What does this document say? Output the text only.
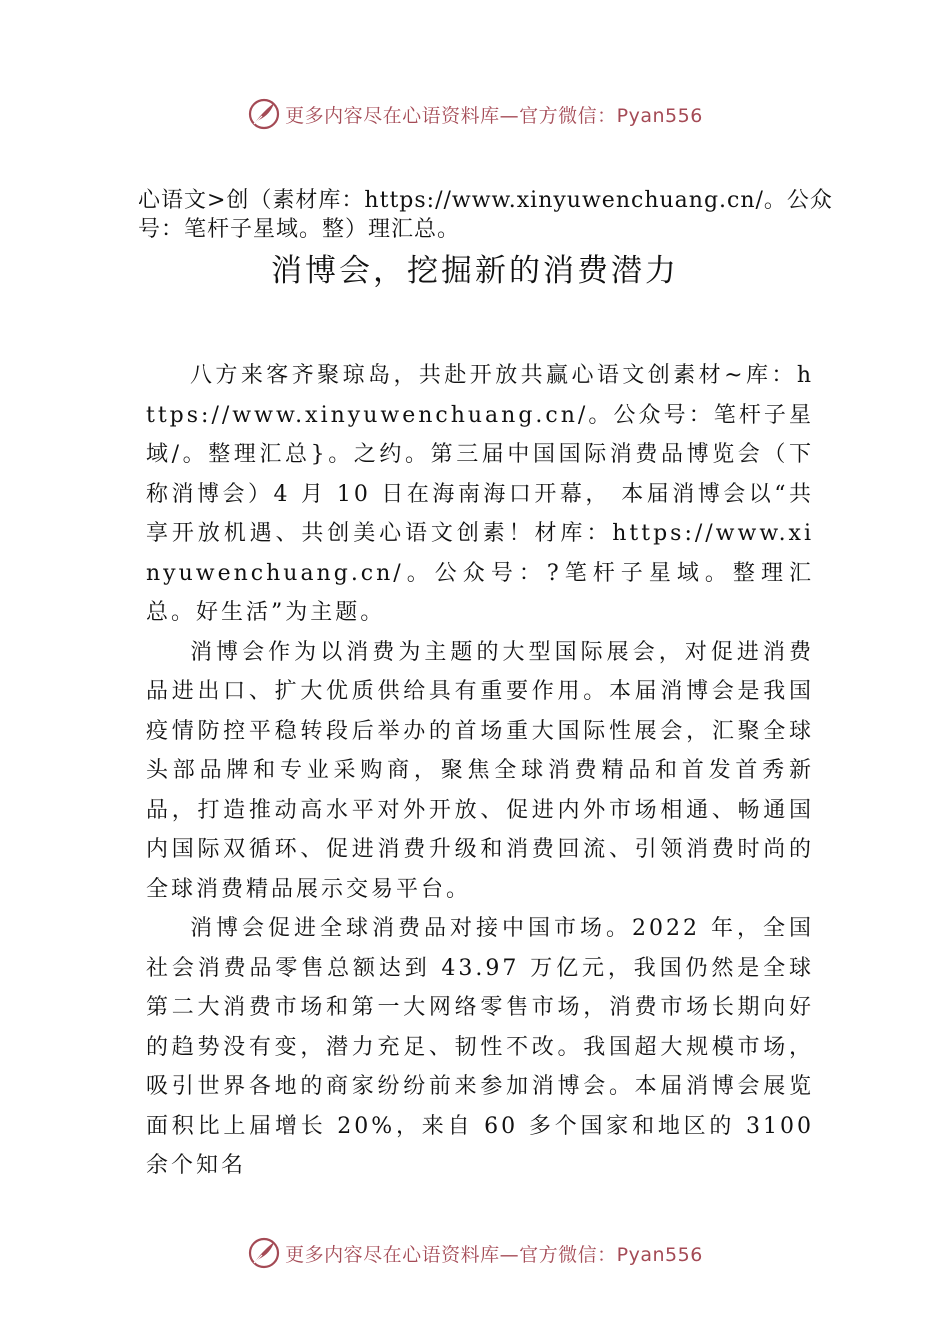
更多内容尽在心语资料库—官方微信：Pyan556
心语文>创（素材库：https://www.xinyuwenchuang.cn/。公众号：笔杆子星域。整）理汇总。
消博会，挖掘新的消费潜力

八方来客齐聚琼岛，共赴开放共赢心语文创素材~库：https://www.xinyuwenchuang.cn/。公众号：笔杆子星域/。整理汇总}。之约。第三届中国国际消费品博览会（下称消博会）4 月 10 日在海南海口开幕， 本届消博会以“共享开放机遇、共创美心语文创素！材库：https://www.xinyuwenchuang.cn/。公众号：?笔杆子星域。整理汇总。好生活”为主题。

消博会作为以消费为主题的大型国际展会，对促进消费品进出口、扩大优质供给具有重要作用。本届消博会是我国疫情防控平稳转段后举办的首场重大国际性展会，汇聚全球头部品牌和专业采购商，聚焦全球消费精品和首发首秀新品，打造推动高水平对外开放、促进内外市场相通、畅通国内国际双循环、促进消费升级和消费回流、引领消费时尚的全球消费精品展示交易平台。

消博会促进全球消费品对接中国市场。2022 年，全国社会消费品零售总额达到 43.97 万亿元，我国仍然是全球第二大消费市场和第一大网络零售市场，消费市场长期向好的趋势没有变，潜力充足、韧性不改。我国超大规模市场，吸引世界各地的商家纷纷前来参加消博会。本届消博会展览面积比上届增长 20%，来自 60 多个国家和地区的 3100 余个知名

更多内容尽在心语资料库—官方微信：Pyan556
